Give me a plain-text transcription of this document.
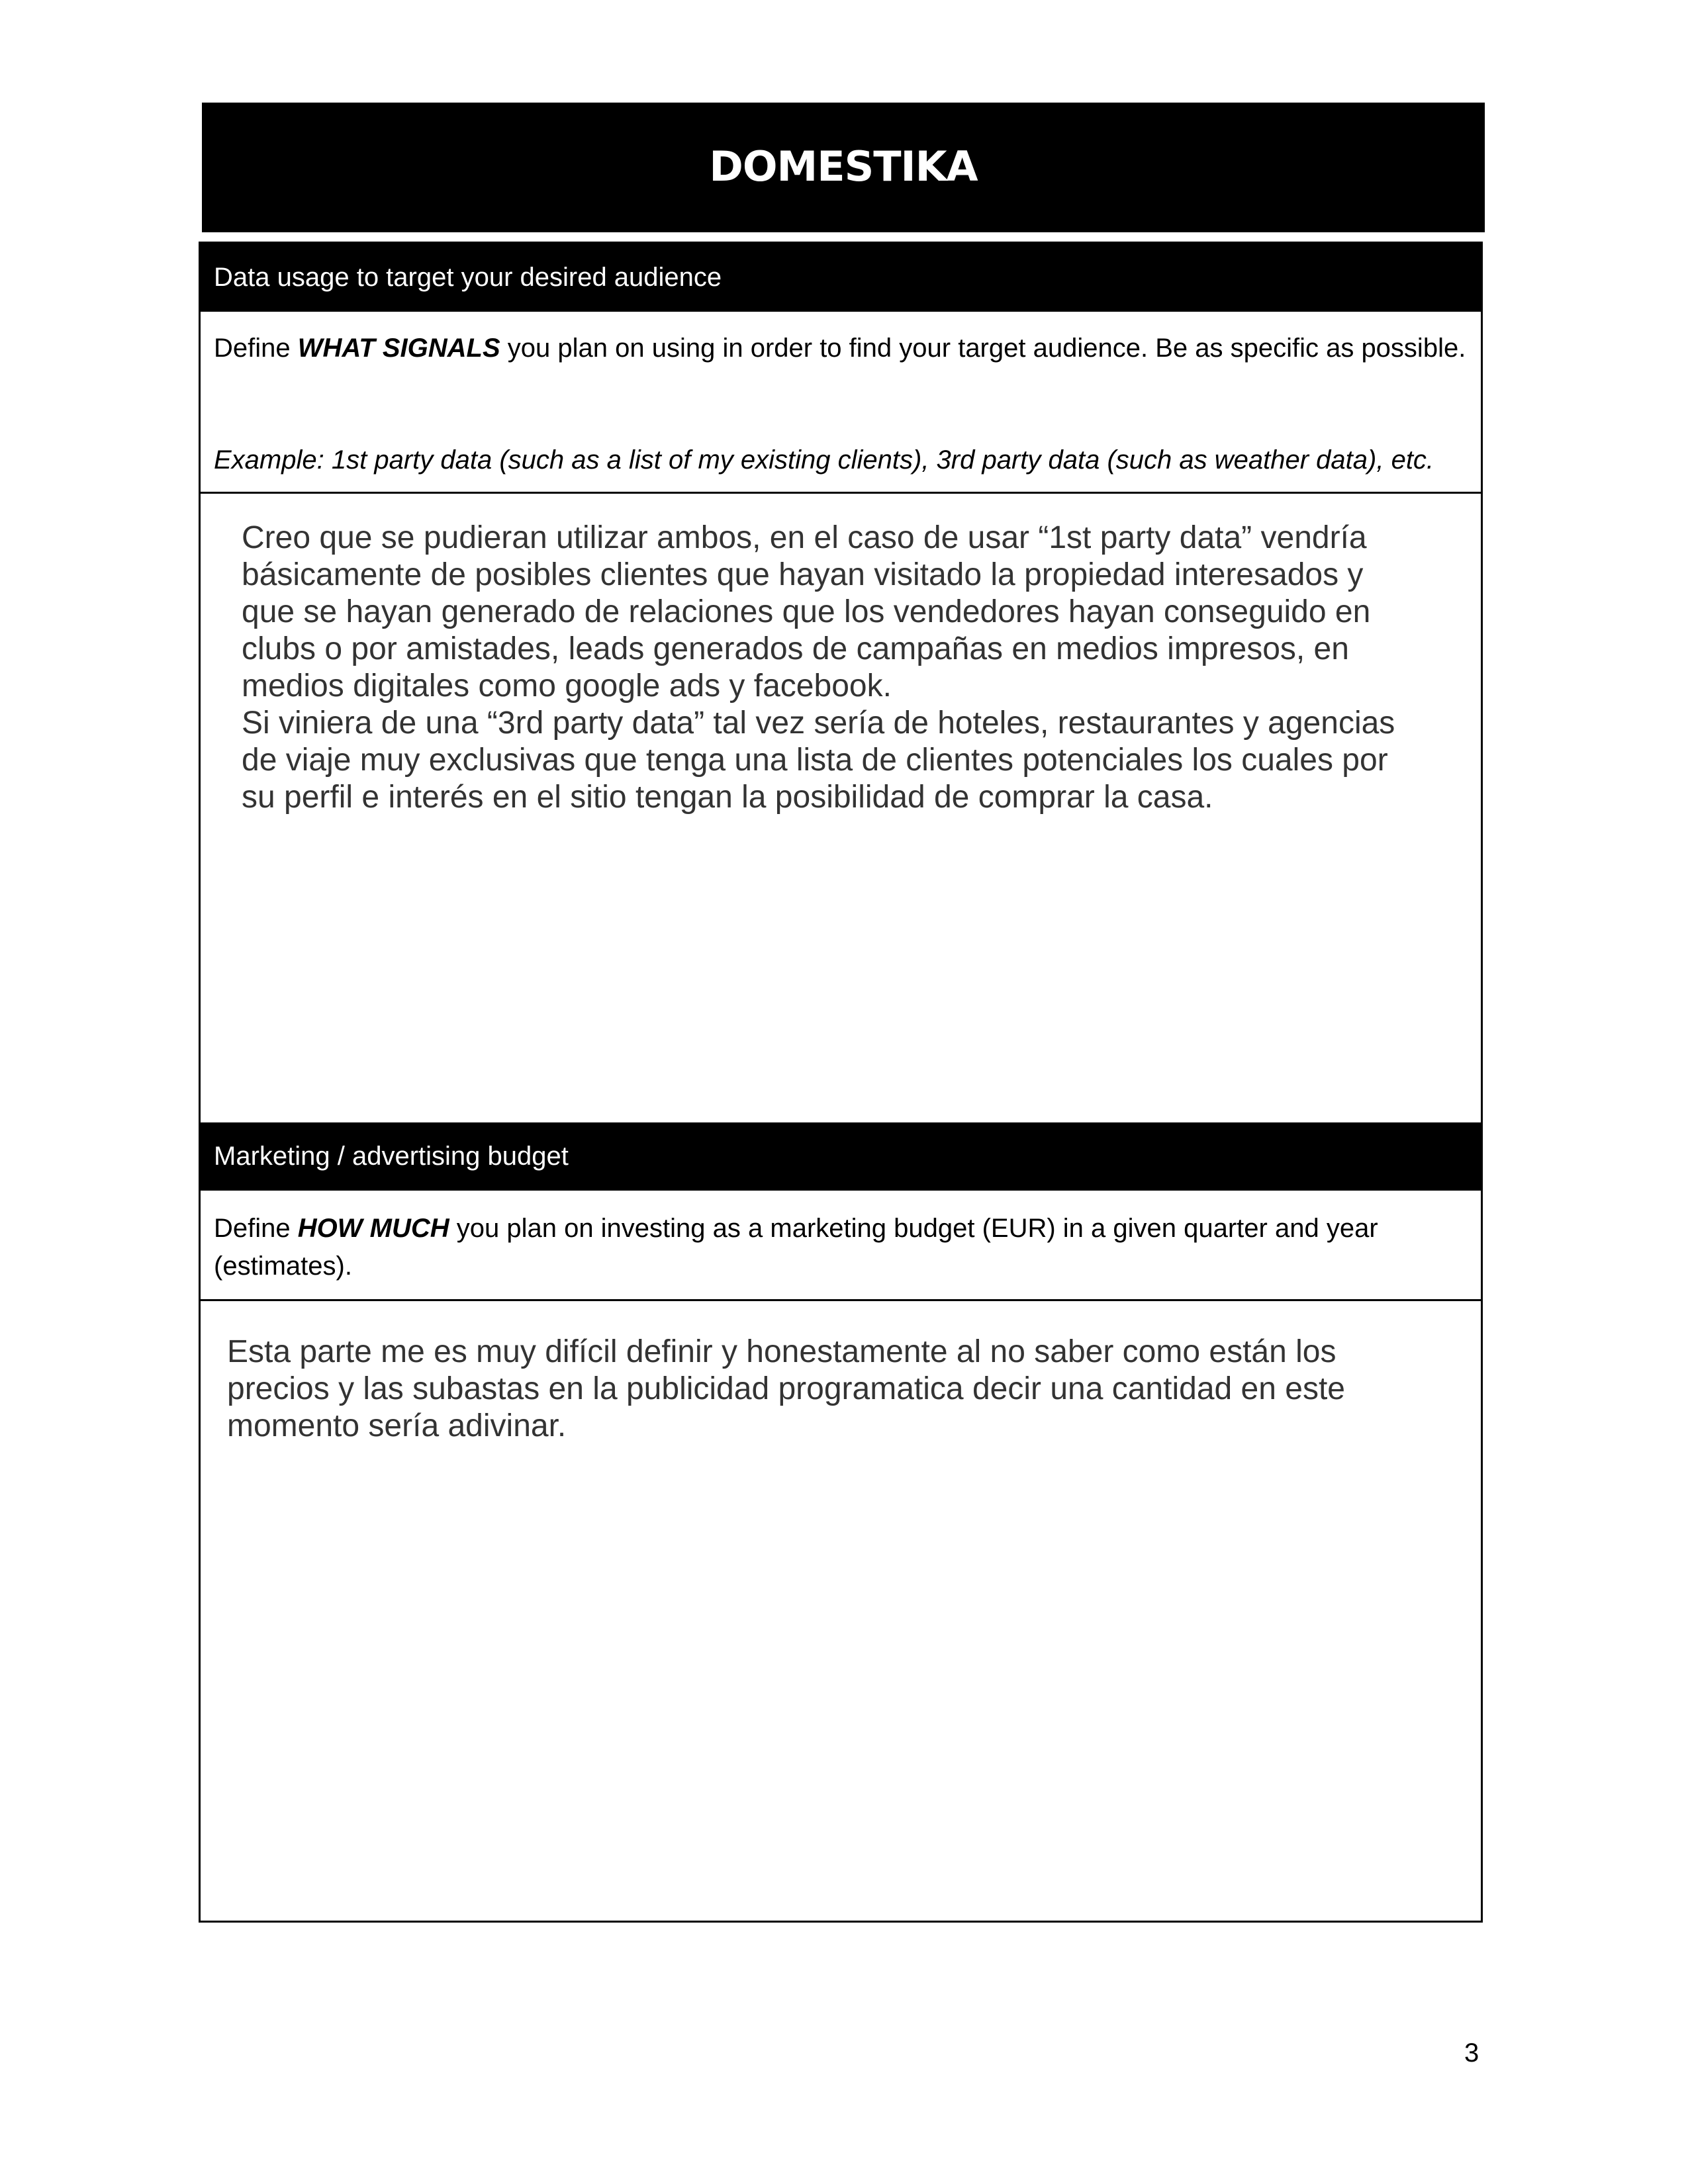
DOMESTIKA
Data usage to target your desired audience
Define WHAT SIGNALS you plan on using in order to find your target audience. Be as specific as possible.
Example: 1st party data (such as a list of my existing clients), 3rd party data (such as weather data), etc.
Creo que se pudieran utilizar ambos, en el caso de usar “1st party data” vendría
básicamente de posibles clientes que hayan visitado la propiedad interesados y
que se hayan generado de relaciones que los vendedores hayan conseguido en
clubs o por amistades, leads generados de campañas en medios impresos, en
medios digitales como google ads y facebook.
Si viniera de una “3rd party data” tal vez sería de hoteles, restaurantes y agencias
de viaje muy exclusivas que tenga una lista de clientes potenciales los cuales por
su perfil e interés en el sitio tengan la posibilidad de comprar la casa.
Marketing / advertising budget
Define HOW MUCH you plan on investing as a marketing budget (EUR) in a given quarter and year (estimates).
Esta parte me es muy difícil definir y honestamente al no saber como están los
precios y las subastas en la publicidad programatica decir una cantidad en este
momento sería adivinar.
3
